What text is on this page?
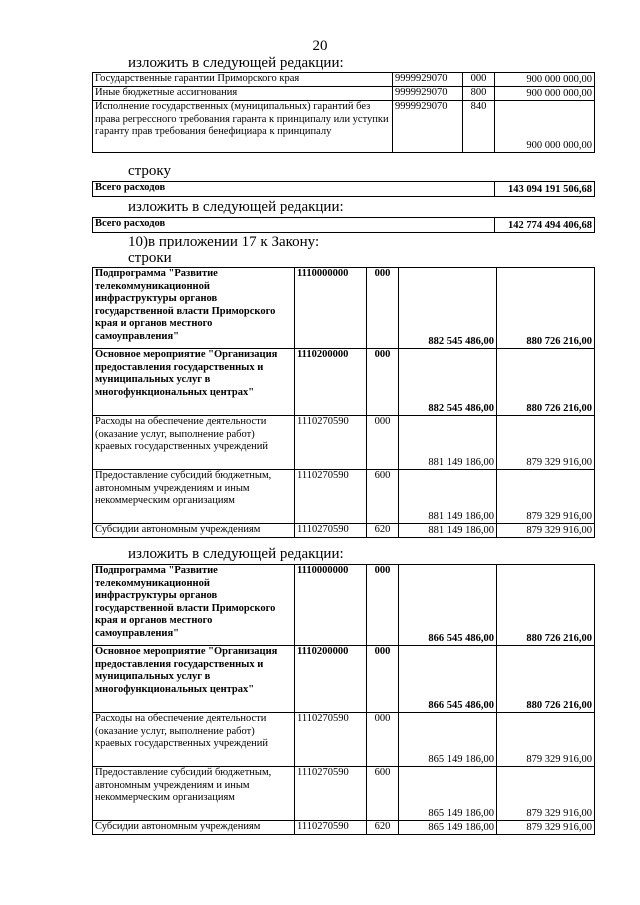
20
изложить в следующей редакции:
Государственные гарантии Приморского края	9999929070	000	900 000 000,00
Иные бюджетные ассигнования	9999929070	800	900 000 000,00
Исполнение государственных (муниципальных) гарантий без права регрессного требования гаранта к принципалу или уступки гаранту прав требования бенефициара к принципалу	9999929070	840	900 000 000,00
строку
Всего расходов	143 094 191 506,68
изложить в следующей редакции:
Всего расходов	142 774 494 406,68
10)в приложении 17 к Закону:
строки
Подпрограмма "Развитие телекоммуникационной инфраструктуры органов государственной власти Приморского края и органов местного самоуправления"	1110000000	000	882 545 486,00	880 726 216,00
Основное мероприятие "Организация предоставления государственных и муниципальных услуг в многофункциональных центрах"	1110200000	000	882 545 486,00	880 726 216,00
Расходы на обеспечение деятельности (оказание услуг, выполнение работ) краевых государственных учреждений	1110270590	000	881 149 186,00	879 329 916,00
Предоставление субсидий бюджетным, автономным учреждениям и иным некоммерческим организациям	1110270590	600	881 149 186,00	879 329 916,00
Субсидии автономным учреждениям	1110270590	620	881 149 186,00	879 329 916,00
изложить в следующей редакции:
Подпрограмма "Развитие телекоммуникационной инфраструктуры органов государственной власти Приморского края и органов местного самоуправления"	1110000000	000	866 545 486,00	880 726 216,00
Основное мероприятие "Организация предоставления государственных и муниципальных услуг в многофункциональных центрах"	1110200000	000	866 545 486,00	880 726 216,00
Расходы на обеспечение деятельности (оказание услуг, выполнение работ) краевых государственных учреждений	1110270590	000	865 149 186,00	879 329 916,00
Предоставление субсидий бюджетным, автономным учреждениям и иным некоммерческим организациям	1110270590	600	865 149 186,00	879 329 916,00
Субсидии автономным учреждениям	1110270590	620	865 149 186,00	879 329 916,00
